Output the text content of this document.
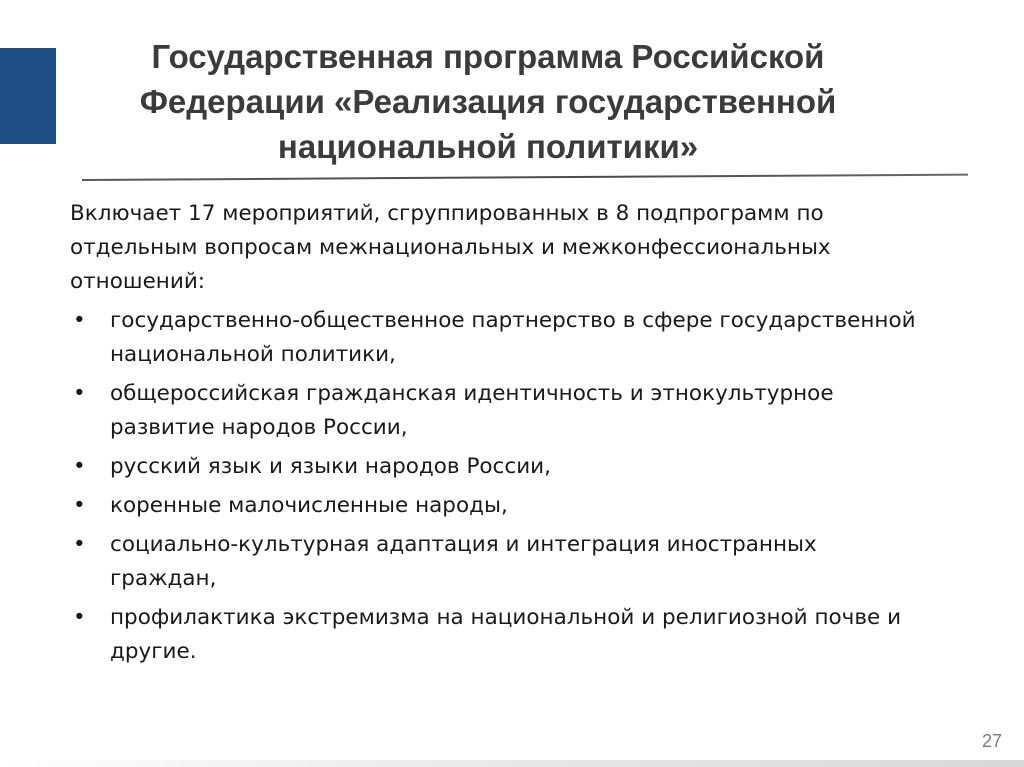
Государственная программа Российской
Федерации «Реализация государственной
национальной политики»

Включает 17 мероприятий, сгруппированных в 8 подпрограмм по
отдельным вопросам межнациональных и межконфессиональных
отношений:

• государственно-общественное партнерство в сфере государственной
национальной политики,
• общероссийская гражданская идентичность и этнокультурное
развитие народов России,
• русский язык и языки народов России,
• коренные малочисленные народы,
• социально-культурная адаптация и интеграция иностранных
граждан,
• профилактика экстремизма на национальной и религиозной почве и
другие.
27
